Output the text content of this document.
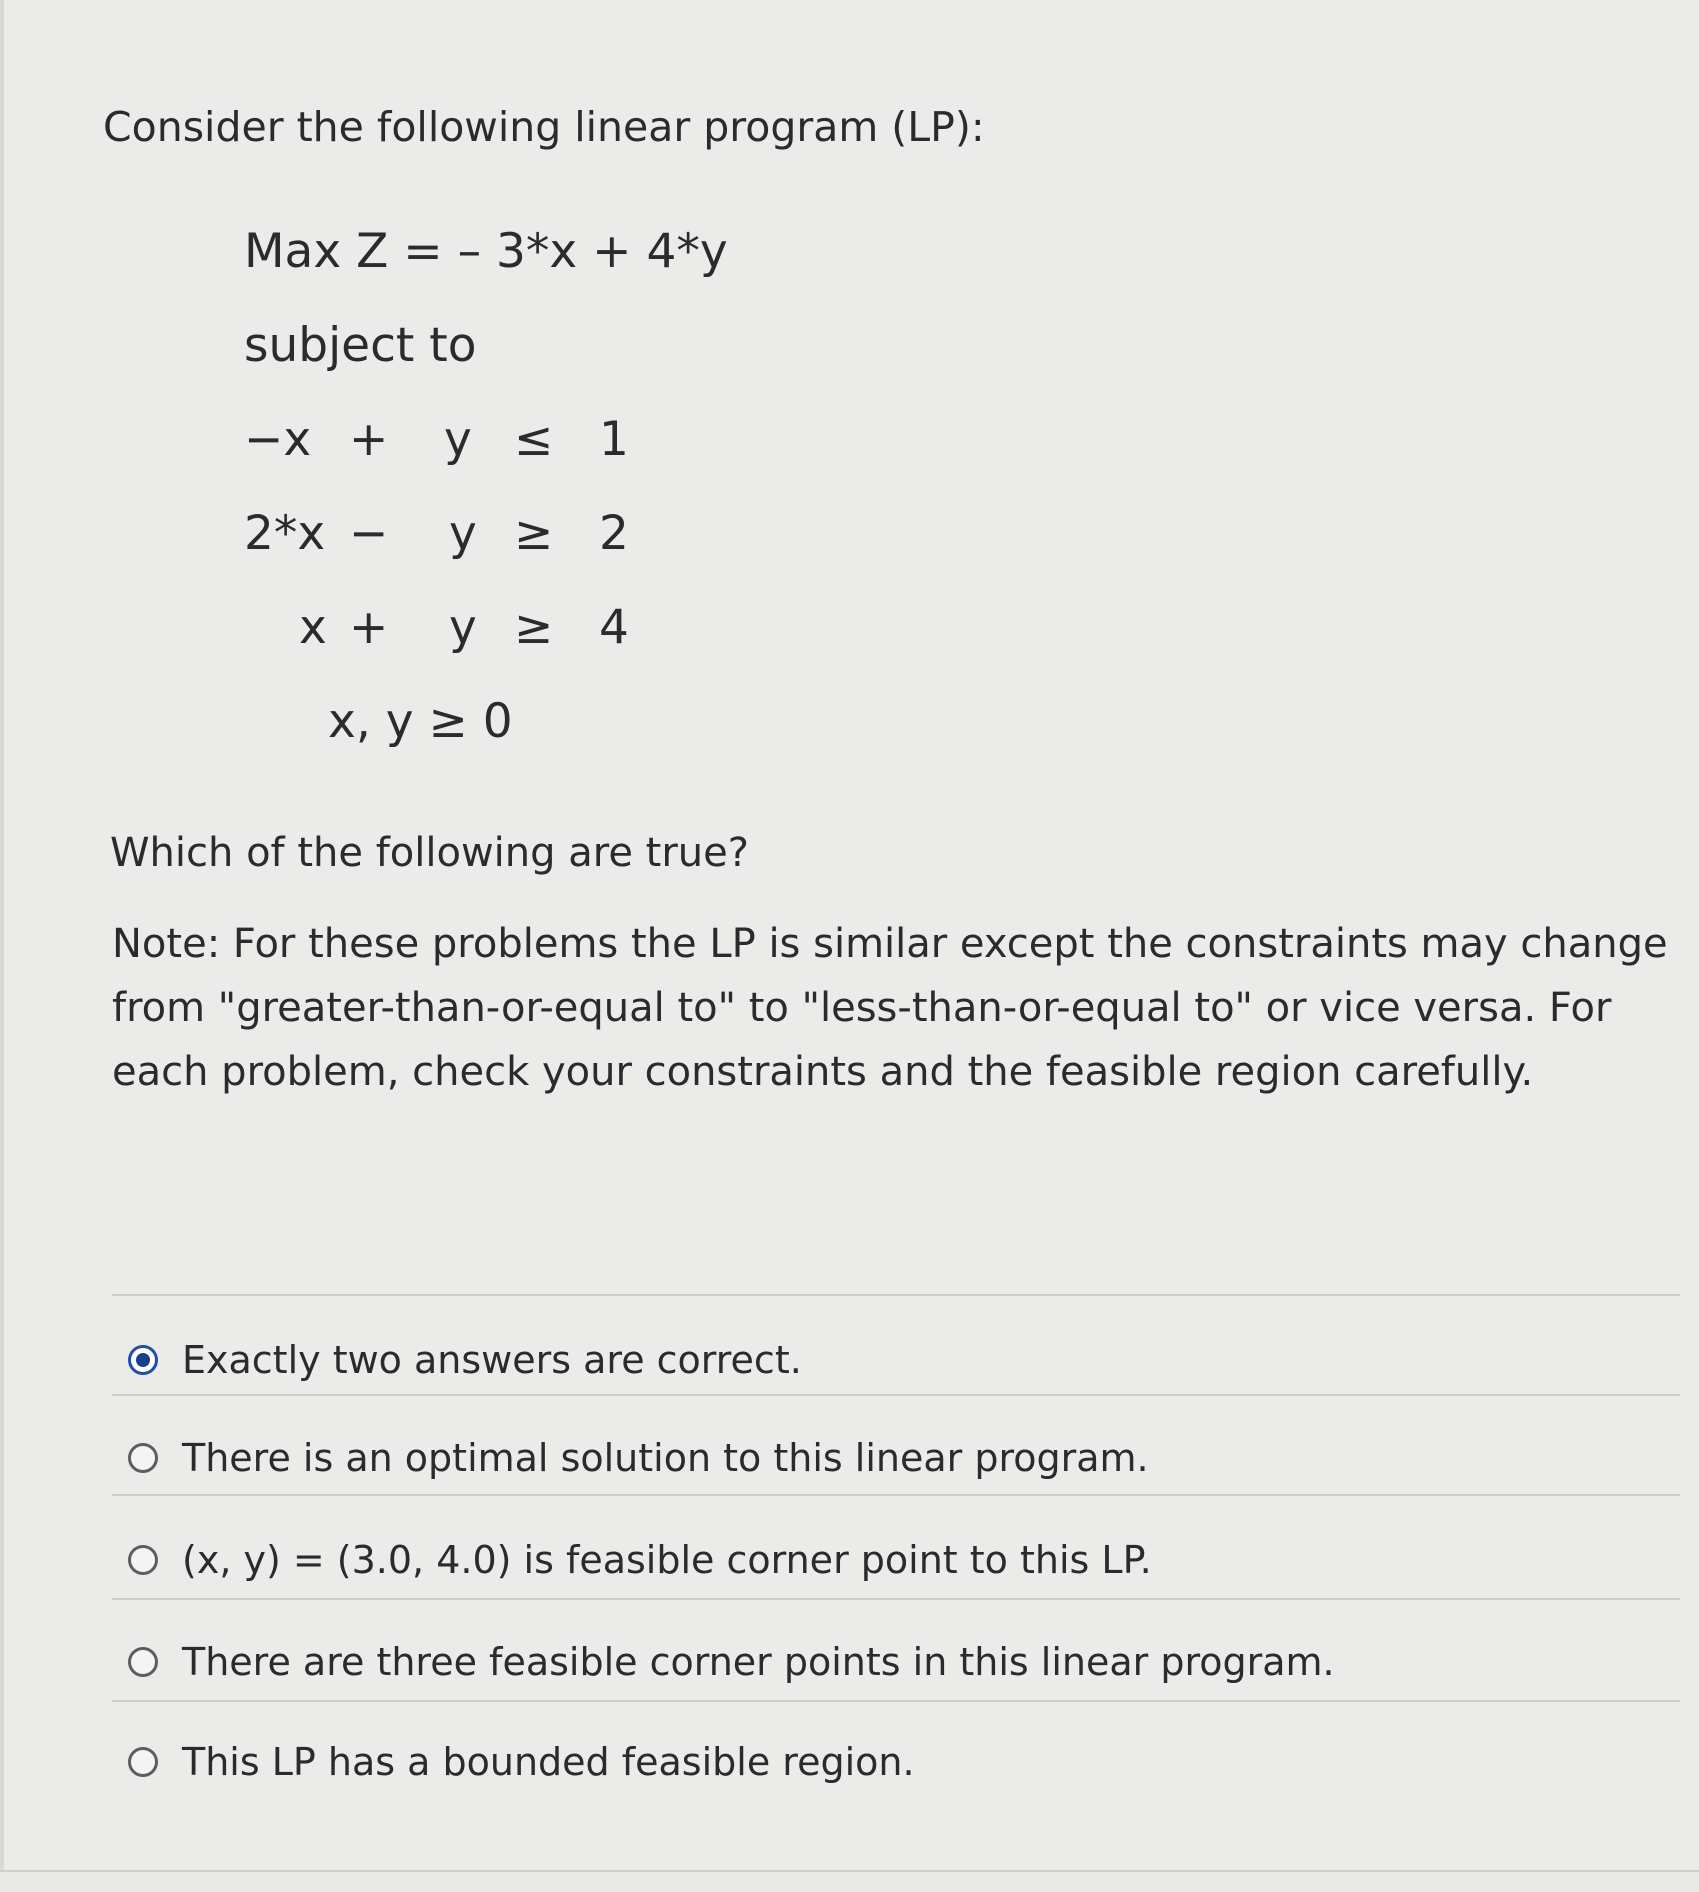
Consider the following linear program (LP):

Max Z = – 3*x + 4*y
subject to
−x + y ≤ 1
2*x − y ≥ 2
x + y ≥ 4
x, y ≥ 0
Which of the following are true?
Note: For these problems the LP is similar except the constraints may change from "greater-than-or-equal to" to "less-than-or-equal to" or vice versa. For each problem, check your constraints and the feasible region carefully.
Exactly two answers are correct.
There is an optimal solution to this linear program.
(x, y) = (3.0, 4.0) is feasible corner point to this LP.
There are three feasible corner points in this linear program.
This LP has a bounded feasible region.
